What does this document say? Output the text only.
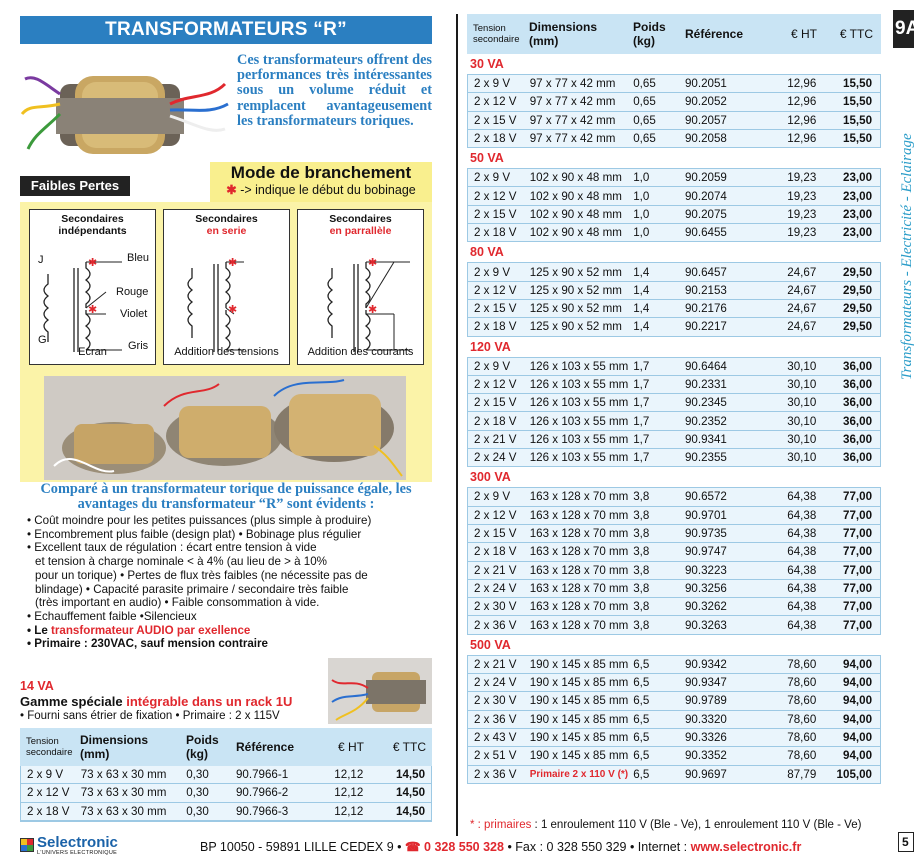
TRANSFORMATEURS “R”
Ces transformateurs offrent des performances très intéressantes sous un volume réduit et remplacent avantageusement les transformateurs toriques.
Mode de branchement
✱ -> indique le début du bobinage
Faibles Pertes
Secondaires
indépendants
✱
✱
J	Bleu
Rouge
Violet
G	Gris
Ecran
Secondaires
en serie
✱
✱
Addition des tensions
Secondaires
en parrallèle
✱
✱
Addition des courants
Comparé à un transformateur torique de puissance égale, les avantages du transformateur “R” sont évidents :
• Coût moindre pour les petites puissances (plus simple à produire)
• Encombrement plus faible (design plat) • Bobinage plus régulier
• Excellent taux de régulation : écart entre tension à vide
et tension à charge nominale < à 4% (au lieu de > à 10%
pour un torique) • Pertes de flux très faibles (ne nécessite pas de
blindage) • Capacité parasite primaire / secondaire très faible
(très important en audio) • Faible consommation à vide.
• Echauffement faible •Silencieux
• Le transformateur AUDIO par exellence
• Primaire : 230VAC, sauf mension contraire
14 VA
Gamme spéciale intégrable dans un rack 1U
• Fourni sans étrier de fixation • Primaire : 2 x 115V
Tension
secondaire
Dimensions
(mm)
Poids
(kg)	Référence	€ HT	€ TTC
2 x 9 V	73 x 63 x 30 mm	0,30	90.7966-1	12,12	14,50
2 x 12 V 73 x 63 x 30 mm	0,30	90.7966-2	12,12	14,50
2 x 18 V 73 x 63 x 30 mm	0,30	90.7966-3	12,12	14,50
Tension
secondaire
Dimensions
(mm)
Poids
(kg)	Référence	€ HT	€ TTC
30 VA
2 x 9 V	97 x 77 x 42 mm	0,65	90.2051	12,96	15,50
2 x 12 V	97 x 77 x 42 mm	0,65	90.2052	12,96	15,50
2 x 15 V	97 x 77 x 42 mm	0,65	90.2057	12,96	15,50
2 x 18 V	97 x 77 x 42 mm	0,65	90.2058	12,96	15,50
50 VA
2 x 9 V	102 x 90 x 48 mm 1,0	90.2059	19,23	23,00
2 x 12 V	102 x 90 x 48 mm 1,0	90.2074	19,23	23,00
2 x 15 V	102 x 90 x 48 mm 1,0	90.2075	19,23	23,00
2 x 18 V	102 x 90 x 48 mm 1,0	90.6455	19,23	23,00
80 VA
2 x 9 V	125 x 90 x 52 mm 1,4	90.6457	24,67	29,50
2 x 12 V	125 x 90 x 52 mm 1,4	90.2153	24,67	29,50
2 x 15 V	125 x 90 x 52 mm 1,4	90.2176	24,67	29,50
2 x 18 V	125 x 90 x 52 mm 1,4	90.2217	24,67	29,50
120 VA
2 x 9 V	126 x 103 x 55 mm 1,7	90.6464	30,10	36,00
2 x 12 V	126 x 103 x 55 mm 1,7	90.2331	30,10	36,00
2 x 15 V	126 x 103 x 55 mm 1,7	90.2345	30,10	36,00
2 x 18 V	126 x 103 x 55 mm 1,7	90.2352	30,10	36,00
2 x 21 V	126 x 103 x 55 mm 1,7	90.9341	30,10	36,00
2 x 24 V	126 x 103 x 55 mm 1,7	90.2355	30,10	36,00
300 VA
2 x 9 V	163 x 128 x 70 mm 3,8	90.6572	64,38	77,00
2 x 12 V	163 x 128 x 70 mm 3,8	90.9701	64,38	77,00
2 x 15 V	163 x 128 x 70 mm 3,8	90.9735	64,38	77,00
2 x 18 V	163 x 128 x 70 mm 3,8	90.9747	64,38	77,00
2 x 21 V	163 x 128 x 70 mm 3,8	90.3223	64,38	77,00
2 x 24 V	163 x 128 x 70 mm 3,8	90.3256	64,38	77,00
2 x 30 V	163 x 128 x 70 mm 3,8	90.3262	64,38	77,00
2 x 36 V	163 x 128 x 70 mm 3,8	90.3263	64,38	77,00
500 VA
2 x 21 V	190 x 145 x 85 mm 6,5	90.9342	78,60	94,00
2 x 24 V	190 x 145 x 85 mm 6,5	90.9347	78,60	94,00
2 x 30 V	190 x 145 x 85 mm 6,5	90.9789	78,60	94,00
2 x 36 V	190 x 145 x 85 mm 6,5	90.3320	78,60	94,00
2 x 43 V	190 x 145 x 85 mm 6,5	90.3326	78,60	94,00
2 x 51 V	190 x 145 x 85 mm 6,5	90.3352	78,60	94,00
2 x 36 V	Primaire 2 x 110 V (*) 6,5	90.9697	87,79	105,00
* : primaires : 1 enroulement 110 V (Ble - Ve), 1 enroulement 110 V (Ble - Ve)
9A
Transformateurs - Electricité - Eclairage
5
Selectronic
L'UNIVERS ELECTRONIQUE	BP 10050 - 59891 LILLE CEDEX 9 • ☎ 0 328 550 328 • Fax : 0 328 550 329 • Internet : www.selectronic.fr
